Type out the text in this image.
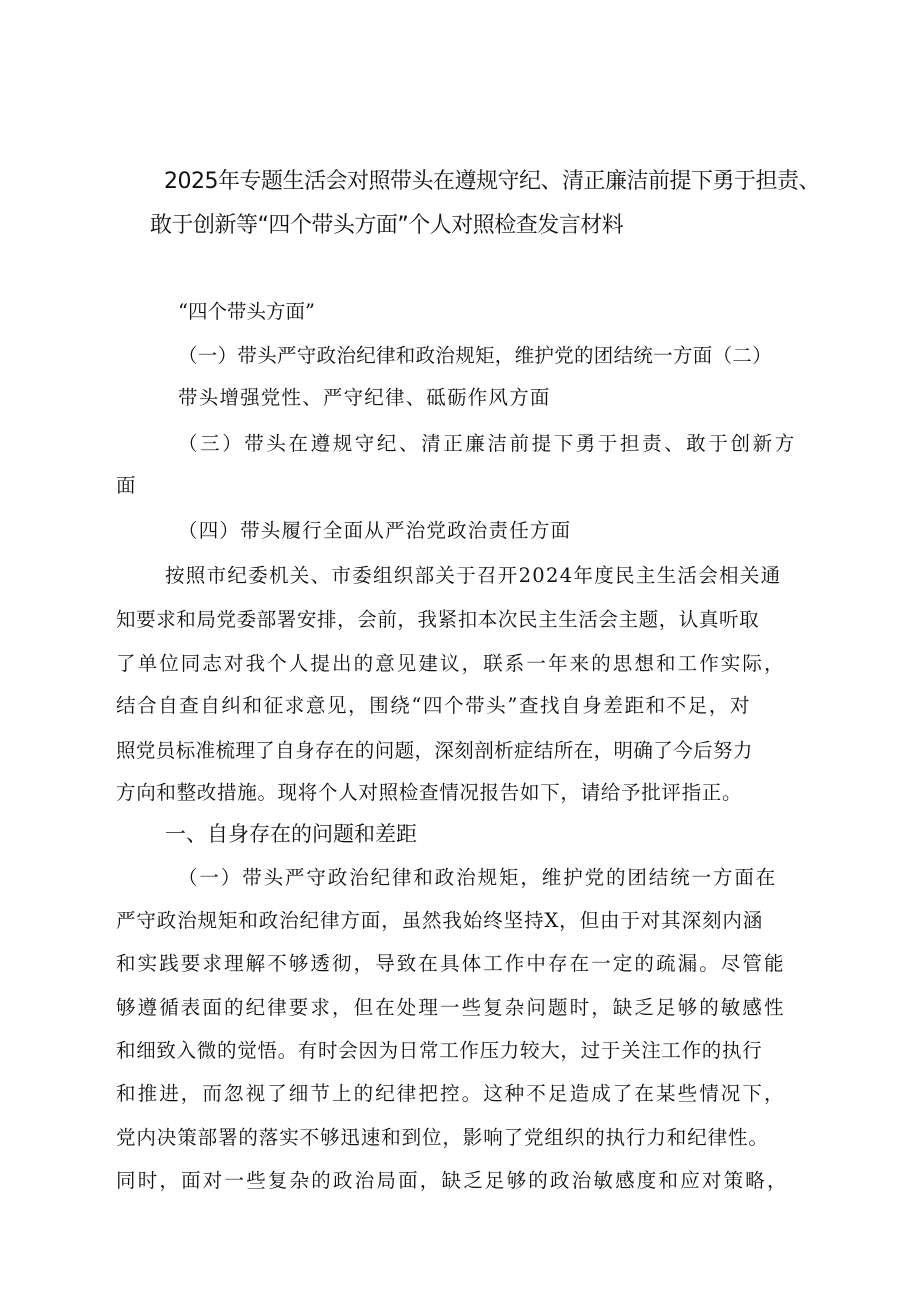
2025年专题生活会对照带头在遵规守纪、清正廉洁前提下勇于担责、
敢于创新等“四个带头方面”个人对照检查发言材料
“四个带头方面”
（一）带头严守政治纪律和政治规矩，维护党的团结统一方面（二）
带头增强党性、严守纪律、砥砺作风方面
（三）带头在遵规守纪、清正廉洁前提下勇于担责、敢于创新方
面
（四）带头履行全面从严治党政治责任方面
按照市纪委机关、市委组织部关于召开2024年度民主生活会相关通
知要求和局党委部署安排，会前，我紧扣本次民主生活会主题，认真听取
了单位同志对我个人提出的意见建议，联系一年来的思想和工作实际，
结合自查自纠和征求意见，围绕“四个带头”查找自身差距和不足，对
照党员标准梳理了自身存在的问题，深刻剖析症结所在，明确了今后努力
方向和整改措施。现将个人对照检查情况报告如下，请给予批评指正。
一、自身存在的问题和差距
（一）带头严守政治纪律和政治规矩，维护党的团结统一方面在
严守政治规矩和政治纪律方面，虽然我始终坚持X，但由于对其深刻内涵
和实践要求理解不够透彻，导致在具体工作中存在一定的疏漏。尽管能
够遵循表面的纪律要求，但在处理一些复杂问题时，缺乏足够的敏感性
和细致入微的觉悟。有时会因为日常工作压力较大，过于关注工作的执行
和推进，而忽视了细节上的纪律把控。这种不足造成了在某些情况下，
党内决策部署的落实不够迅速和到位，影响了党组织的执行力和纪律性。
同时，面对一些复杂的政治局面，缺乏足够的政治敏感度和应对策略，
